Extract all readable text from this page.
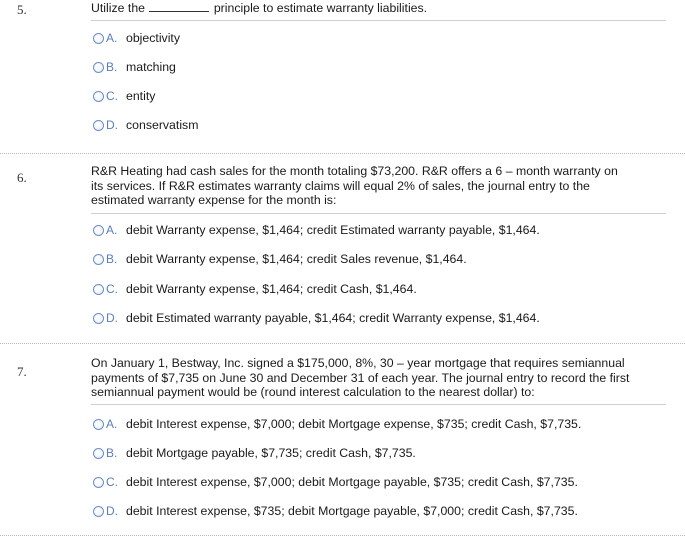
5.	Utilize the	principle to estimate warranty liabilities.
A. objectivity
B. matching
C. entity
D. conservatism
6.	R&R Heating had cash sales for the month totaling $73,200. R&R offers a 6 – month warranty on
its services. If R&R estimates warranty claims will equal 2% of sales, the journal entry to the
estimated warranty expense for the month is:
A. debit Warranty expense, $1,464; credit Estimated warranty payable, $1,464.
B. debit Warranty expense, $1,464; credit Sales revenue, $1,464.
C. debit Warranty expense, $1,464; credit Cash, $1,464.
D. debit Estimated warranty payable, $1,464; credit Warranty expense, $1,464.
7.
On January 1, Bestway, Inc. signed a $175,000, 8%, 30 – year mortgage that requires semiannual
payments of $7,735 on June 30 and December 31 of each year. The journal entry to record the first
semiannual payment would be (round interest calculation to the nearest dollar) to:
A. debit Interest expense, $7,000; debit Mortgage expense, $735; credit Cash, $7,735.
B. debit Mortgage payable, $7,735; credit Cash, $7,735.
C. debit Interest expense, $7,000; debit Mortgage payable, $735; credit Cash, $7,735.
D. debit Interest expense, $735; debit Mortgage payable, $7,000; credit Cash, $7,735.
